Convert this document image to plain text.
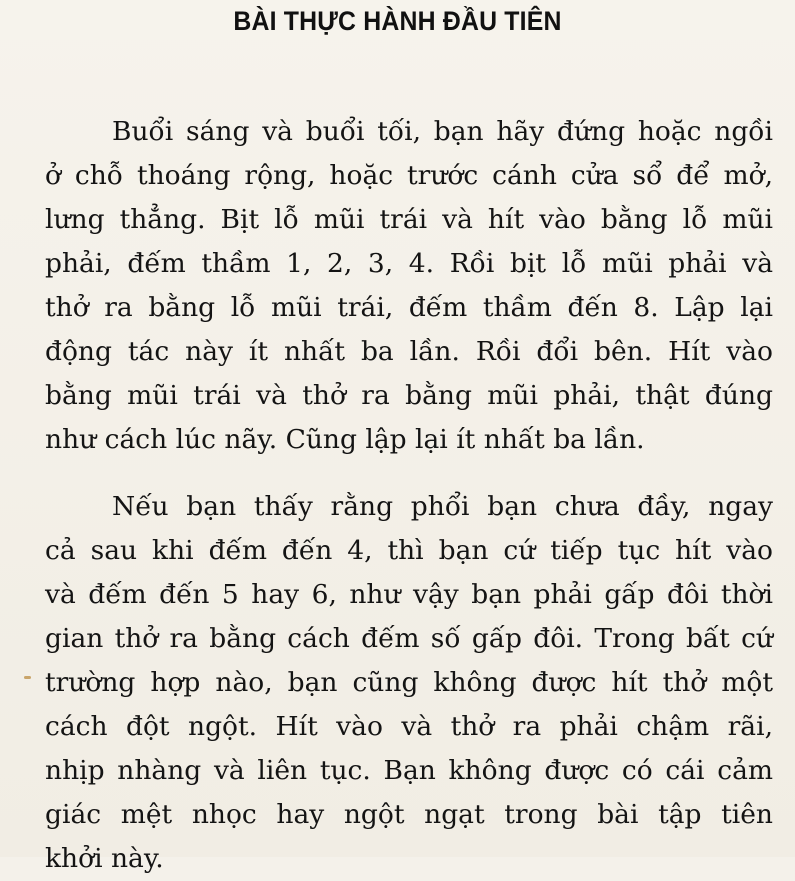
BÀI THỰC HÀNH ĐẦU TIÊN
Buổi sáng và buổi tối, bạn hãy đứng hoặc ngồi
ở chỗ thoáng rộng, hoặc trước cánh cửa sổ để mở,
lưng thẳng. Bịt lỗ mũi trái và hít vào bằng lỗ mũi
phải, đếm thầm 1, 2, 3, 4. Rồi bịt lỗ mũi phải và
thở ra bằng lỗ mũi trái, đếm thầm đến 8. Lập lại
động tác này ít nhất ba lần. Rồi đổi bên. Hít vào
bằng mũi trái và thở ra bằng mũi phải, thật đúng
như cách lúc nãy. Cũng lập lại ít nhất ba lần.
Nếu bạn thấy rằng phổi bạn chưa đầy, ngay
cả sau khi đếm đến 4, thì bạn cứ tiếp tục hít vào
và đếm đến 5 hay 6, như vậy bạn phải gấp đôi thời
gian thở ra bằng cách đếm số gấp đôi. Trong bất cứ
trường hợp nào, bạn cũng không được hít thở một
cách đột ngột. Hít vào và thở ra phải chậm rãi,
nhịp nhàng và liên tục. Bạn không được có cái cảm
giác mệt nhọc hay ngột ngạt trong bài tập tiên
khởi này.
